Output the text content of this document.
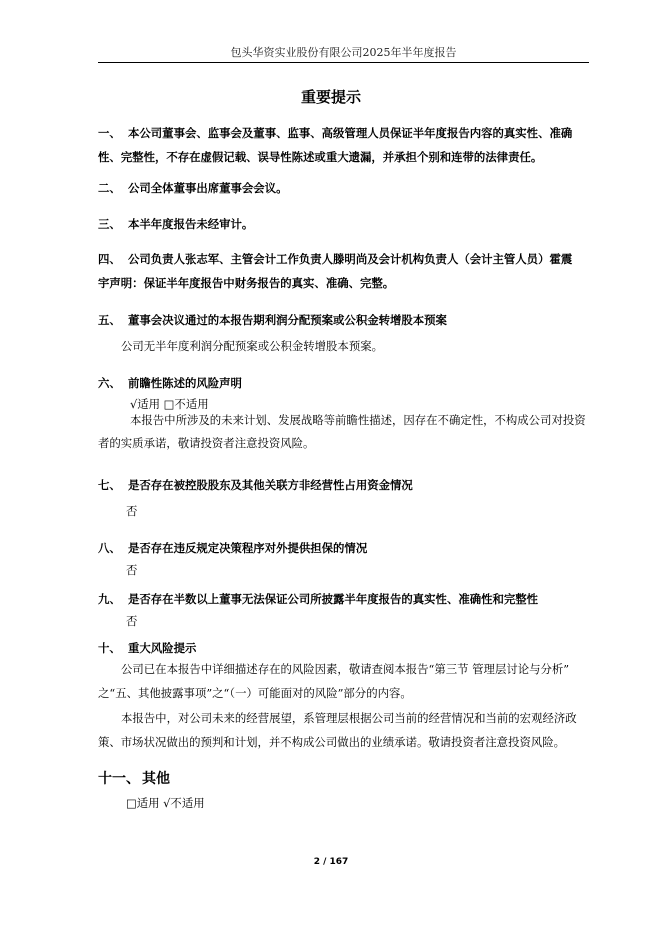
包头华资实业股份有限公司2025年半年度报告
重要提示
一、 本公司董事会、监事会及董事、监事、高级管理人员保证半年度报告内容的真实性、准确
性、完整性，不存在虚假记载、误导性陈述或重大遗漏，并承担个别和连带的法律责任。
二、 公司全体董事出席董事会会议。
三、 本半年度报告未经审计。
四、 公司负责人张志军、主管会计工作负责人滕明尚及会计机构负责人（会计主管人员）霍震
宇声明：保证半年度报告中财务报告的真实、准确、完整。
五、 董事会决议通过的本报告期利润分配预案或公积金转增股本预案
公司无半年度利润分配预案或公积金转增股本预案。
六、 前瞻性陈述的风险声明
√适用 □不适用
本报告中所涉及的未来计划、发展战略等前瞻性描述，因存在不确定性，不构成公司对投资
者的实质承诺，敬请投资者注意投资风险。
七、 是否存在被控股股东及其他关联方非经营性占用资金情况
否
八、 是否存在违反规定决策程序对外提供担保的情况
否
九、 是否存在半数以上董事无法保证公司所披露半年度报告的真实性、准确性和完整性
否
十、 重大风险提示
公司已在本报告中详细描述存在的风险因素，敬请查阅本报告“第三节 管理层讨论与分析”
之“五、其他披露事项”之“（一）可能面对的风险”部分的内容。
本报告中，对公司未来的经营展望，系管理层根据公司当前的经营情况和当前的宏观经济政
策、市场状况做出的预判和计划，并不构成公司做出的业绩承诺。敬请投资者注意投资风险。
十一、 其他
□适用 √不适用
2 / 167
